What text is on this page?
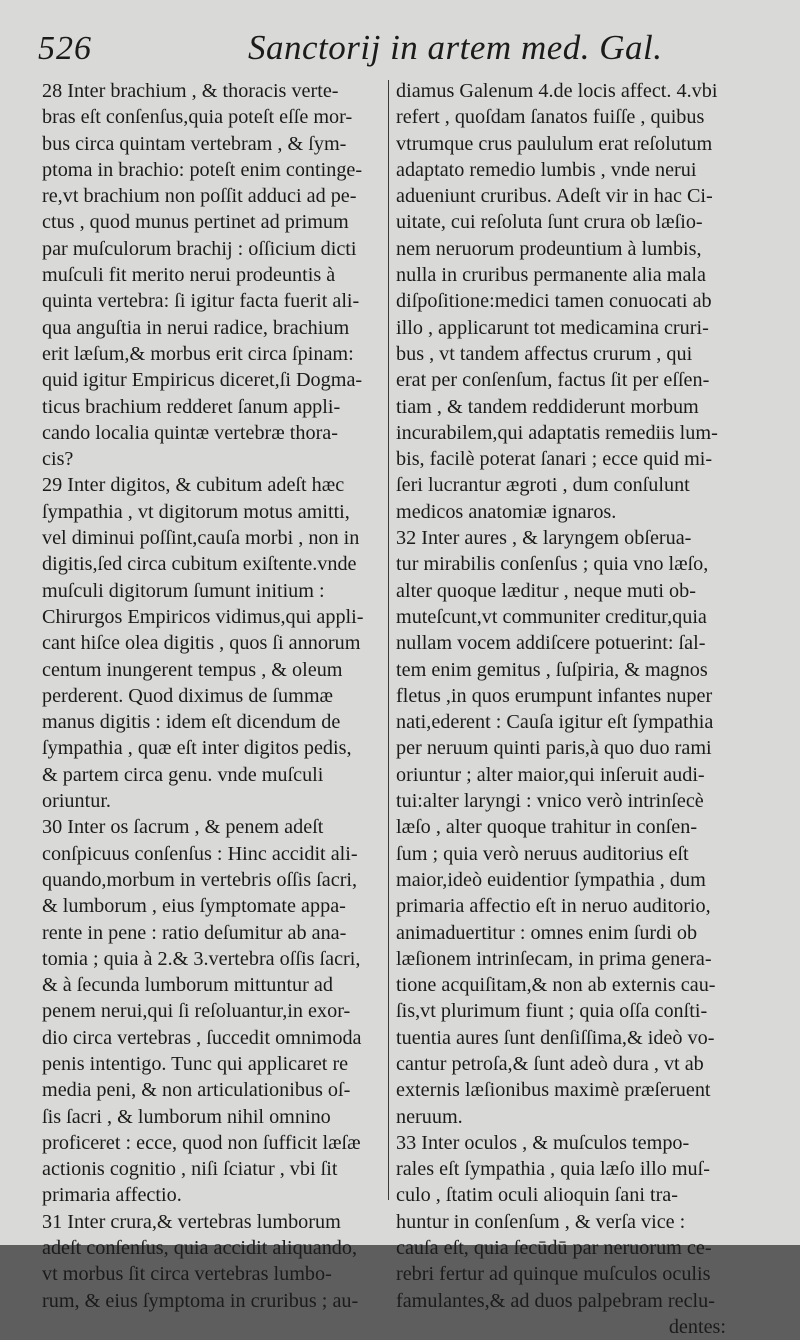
526	Sanctorij in artem med. Gal.
28 Inter brachium , & thoracis verte-
bras eſt conſenſus,quia poteſt eſſe mor-
bus circa quintam vertebram , & ſym-
ptoma in brachio: poteſt enim continge-
re,vt brachium non poſſit adduci ad pe-
ctus , quod munus pertinet ad primum
par muſculorum brachij : oſſicium dicti
muſculi fit merito nerui prodeuntis à
quinta vertebra: ſi igitur facta fuerit ali-
qua anguſtia in nerui radice, brachium
erit læſum,& morbus erit circa ſpinam:
quid igitur Empiricus diceret,ſi Dogma-
ticus brachium redderet ſanum appli-
cando localia quintæ vertebræ thora-
cis?
29 Inter digitos, & cubitum adeſt hæc
ſympathia , vt digitorum motus amitti,
vel diminui poſſint,cauſa morbi , non in
digitis,ſed circa cubitum exiſtente.vnde
muſculi digitorum ſumunt initium :
Chirurgos Empiricos vidimus,qui appli-
cant hiſce olea digitis , quos ſi annorum
centum inungerent tempus , & oleum
perderent. Quod diximus de ſummæ
manus digitis : idem eſt dicendum de
ſympathia , quæ eſt inter digitos pedis,
& partem circa genu. vnde muſculi
oriuntur.
30 Inter os ſacrum , & penem adeſt
conſpicuus conſenſus : Hinc accidit ali-
quando,morbum in vertebris oſſis ſacri,
& lumborum , eius ſymptomate appa-
rente in pene : ratio deſumitur ab ana-
tomia ; quia à 2.& 3.vertebra oſſis ſacri,
& à ſecunda lumborum mittuntur ad
penem nerui,qui ſi reſoluantur,in exor-
dio circa vertebras , ſuccedit omnimoda
penis intentigo. Tunc qui applicaret re
media peni, & non articulationibus oſ-
ſis ſacri , & lumborum nihil omnino
proficeret : ecce, quod non ſufficit læſæ
actionis cognitio , niſi ſciatur , vbi ſit
primaria affectio.
31 Inter crura,& vertebras lumborum
adeſt conſenſus, quia accidit aliquando,
vt morbus ſit circa vertebras lumbo-
rum, & eius ſymptoma in cruribus ; au-
diamus Galenum 4.de locis affect. 4.vbi
refert , quoſdam ſanatos fuiſſe , quibus
vtrumque crus paululum erat reſolutum
adaptato remedio lumbis , vnde nerui
adueniunt cruribus. Adeſt vir in hac Ci-
uitate, cui reſoluta ſunt crura ob læſio-
nem neruorum prodeuntium à lumbis,
nulla in cruribus permanente alia mala
diſpoſitione:medici tamen conuocati ab
illo , applicarunt tot medicamina cruri-
bus , vt tandem affectus crurum , qui
erat per conſenſum, factus ſit per eſſen-
tiam , & tandem reddiderunt morbum
incurabilem,qui adaptatis remediis lum-
bis, facilè poterat ſanari ; ecce quid mi-
ſeri lucrantur ægroti , dum conſulunt
medicos anatomiæ ignaros.
32 Inter aures , & laryngem obſerua-
tur mirabilis conſenſus ; quia vno læſo,
alter quoque læditur , neque muti ob-
muteſcunt,vt communiter creditur,quia
nullam vocem addiſcere potuerint: ſal-
tem enim gemitus , ſuſpiria, & magnos
fletus ,in quos erumpunt infantes nuper
nati,ederent : Cauſa igitur eſt ſympathia
per neruum quinti paris,à quo duo rami
oriuntur ; alter maior,qui inſeruit audi-
tui:alter laryngi : vnico verò intrinſecè
læſo , alter quoque trahitur in conſen-
ſum ; quia verò neruus auditorius eſt
maior,ideò euidentior ſympathia , dum
primaria affectio eſt in neruo auditorio,
animaduertitur : omnes enim ſurdi ob
læſionem intrinſecam, in prima genera-
tione acquiſitam,& non ab externis cau-
ſis,vt plurimum fiunt ; quia oſſa conſti-
tuentia aures ſunt denſiſſima,& ideò vo-
cantur petroſa,& ſunt adeò dura , vt ab
externis læſionibus maximè præſeruent
neruum.
33 Inter oculos , & muſculos tempo-
rales eſt ſympathia , quia læſo illo muſ-
culo , ſtatim oculi alioquin ſani tra-
huntur in conſenſum , & verſa vice :
cauſa eſt, quia ſecūdū par neruorum ce-
rebri fertur ad quinque muſculos oculis
famulantes,& ad duos palpebram reclu-
dentes:
